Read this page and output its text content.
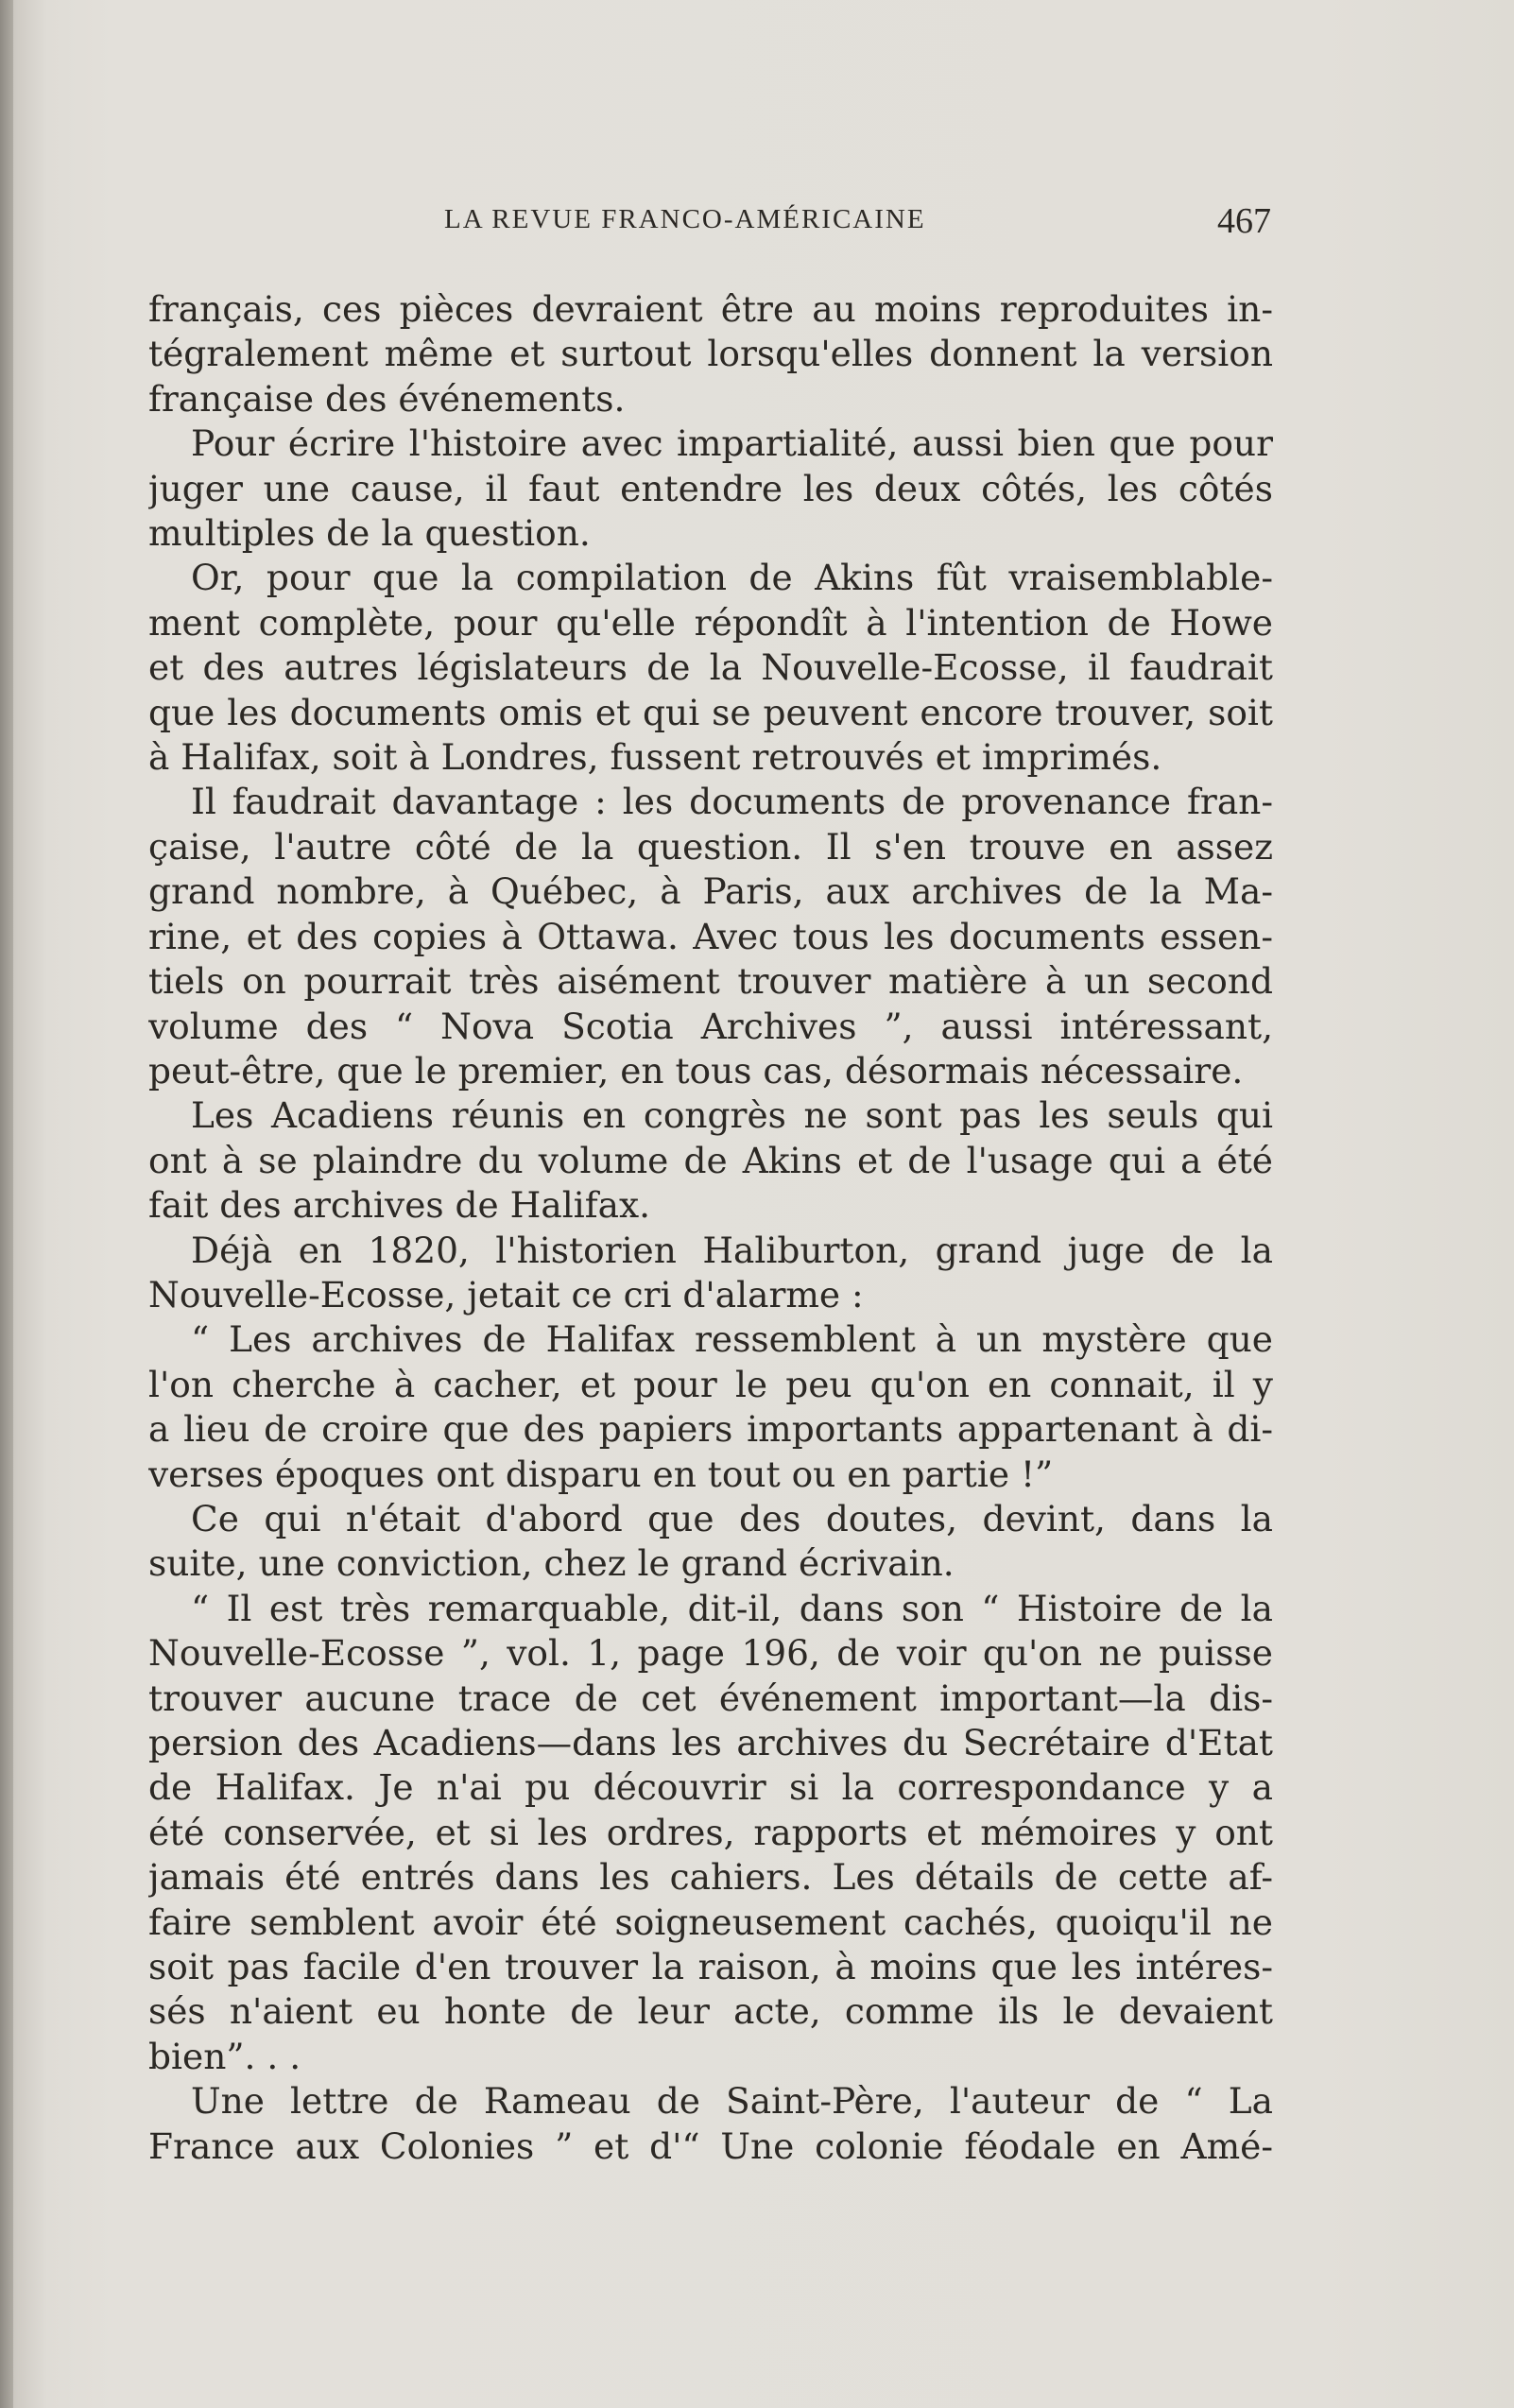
LA REVUE FRANCO-AMÉRICAINE	467
français, ces pièces devraient être au moins reproduites in-
tégralement même et surtout lorsqu'elles donnent la version
française des événements.
Pour écrire l'histoire avec impartialité, aussi bien que pour
juger une cause, il faut entendre les deux côtés, les côtés
multiples de la question.
Or, pour que la compilation de Akins fût vraisemblable-
ment complète, pour qu'elle répondît à l'intention de Howe
et des autres législateurs de la Nouvelle-Ecosse, il faudrait
que les documents omis et qui se peuvent encore trouver, soit
à Halifax, soit à Londres, fussent retrouvés et imprimés.
Il faudrait davantage : les documents de provenance fran-
çaise, l'autre côté de la question. Il s'en trouve en assez
grand nombre, à Québec, à Paris, aux archives de la Ma-
rine, et des copies à Ottawa. Avec tous les documents essen-
tiels on pourrait très aisément trouver matière à un second
volume des “ Nova Scotia Archives ”, aussi intéressant,
peut-être, que le premier, en tous cas, désormais nécessaire.
Les Acadiens réunis en congrès ne sont pas les seuls qui
ont à se plaindre du volume de Akins et de l'usage qui a été
fait des archives de Halifax.
Déjà en 1820, l'historien Haliburton, grand juge de la
Nouvelle-Ecosse, jetait ce cri d'alarme :
“ Les archives de Halifax ressemblent à un mystère que
l'on cherche à cacher, et pour le peu qu'on en connait, il y
a lieu de croire que des papiers importants appartenant à di-
verses époques ont disparu en tout ou en partie !”
Ce qui n'était d'abord que des doutes, devint, dans la
suite, une conviction, chez le grand écrivain.
“ Il est très remarquable, dit-il, dans son “ Histoire de la
Nouvelle-Ecosse ”, vol. 1, page 196, de voir qu'on ne puisse
trouver aucune trace de cet événement important—la dis-
persion des Acadiens—dans les archives du Secrétaire d'Etat
de Halifax. Je n'ai pu découvrir si la correspondance y a
été conservée, et si les ordres, rapports et mémoires y ont
jamais été entrés dans les cahiers. Les détails de cette af-
faire semblent avoir été soigneusement cachés, quoiqu'il ne
soit pas facile d'en trouver la raison, à moins que les intéres-
sés n'aient eu honte de leur acte, comme ils le devaient
bien”. . .
Une lettre de Rameau de Saint-Père, l'auteur de “ La
France aux Colonies ” et d'“ Une colonie féodale en Amé-
